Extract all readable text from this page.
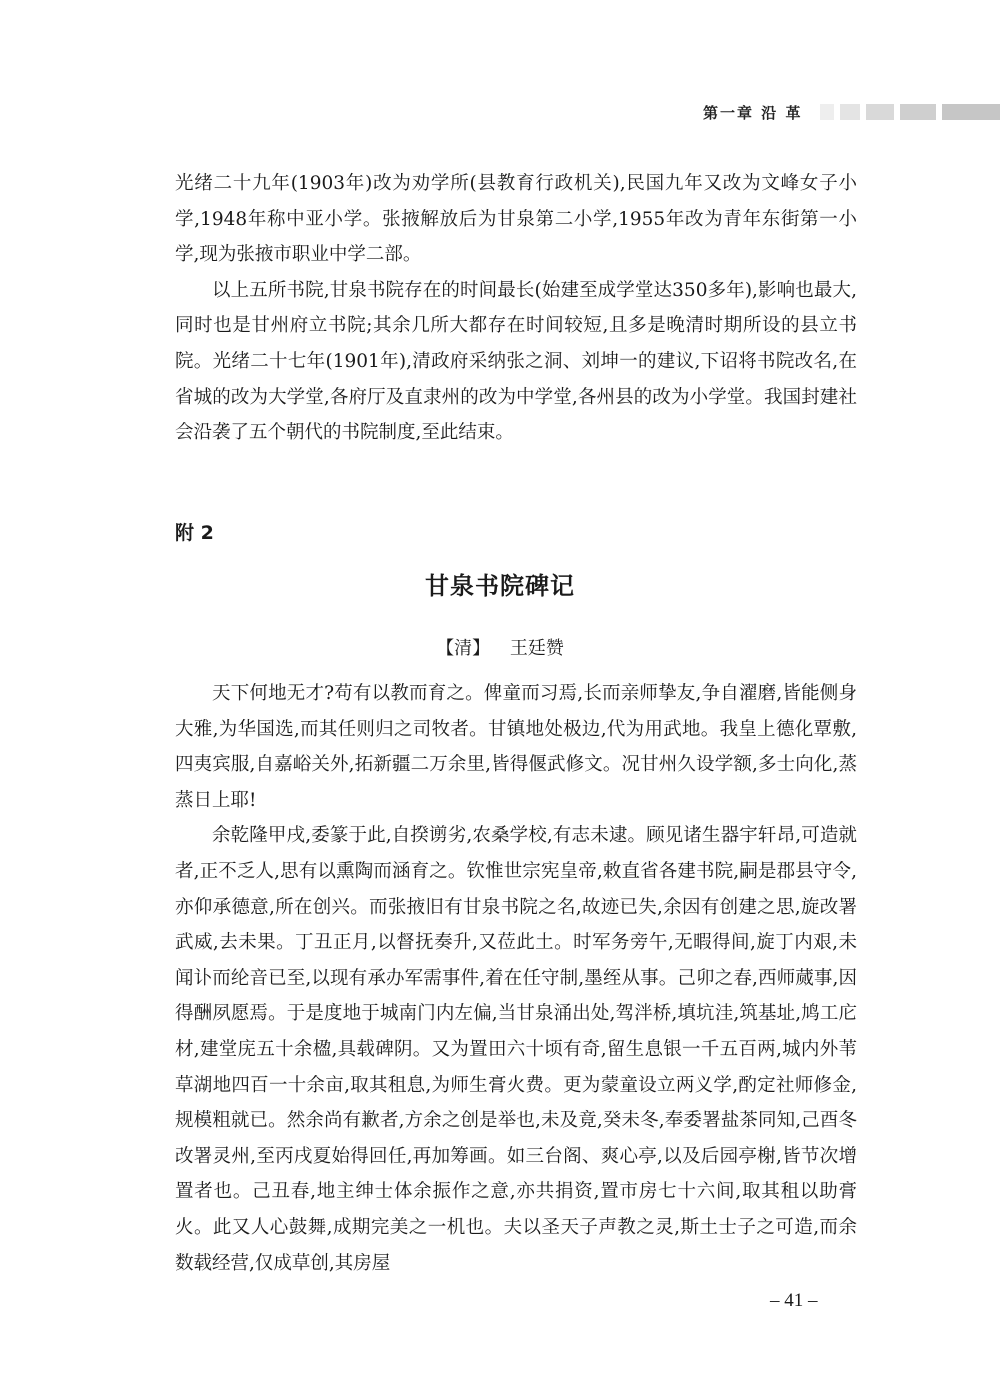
第一章 沿 革

光绪二十九年(1903年)改为劝学所(县教育行政机关),民国九年又改为文峰女子小学,1948年称中亚小学。张掖解放后为甘泉第二小学,1955年改为青年东街第一小学,现为张掖市职业中学二部。

以上五所书院,甘泉书院存在的时间最长(始建至成学堂达350多年),影响也最大,同时也是甘州府立书院;其余几所大都存在时间较短,且多是晚清时期所设的县立书院。光绪二十七年(1901年),清政府采纳张之洞、刘坤一的建议,下诏将书院改名,在省城的改为大学堂,各府厅及直隶州的改为中学堂,各州县的改为小学堂。我国封建社会沿袭了五个朝代的书院制度,至此结束。

附 2
甘泉书院碑记
【清】 王廷赞

天下何地无才?苟有以教而育之。俾童而习焉,长而亲师挚友,争自濯磨,皆能侧身大雅,为华国选,而其任则归之司牧者。甘镇地处极边,代为用武地。我皇上德化覃敷,四夷宾服,自嘉峪关外,拓新疆二万余里,皆得偃武修文。况甘州久设学额,多士向化,蒸蒸日上耶!

余乾隆甲戌,委篆于此,自揆谫劣,农桑学校,有志未逮。顾见诸生器宇轩昂,可造就者,正不乏人,思有以熏陶而涵育之。钦惟世宗宪皇帝,敕直省各建书院,嗣是郡县守令,亦仰承德意,所在创兴。而张掖旧有甘泉书院之名,故迹已失,余因有创建之思,旋改署武威,去未果。丁丑正月,以督抚奏升,又莅此土。时军务旁午,无暇得间,旋丁内艰,未闻讣而纶音已至,以现有承办军需事件,着在任守制,墨绖从事。己卯之春,西师蒇事,因得酬夙愿焉。于是度地于城南门内左偏,当甘泉涌出处,驾泮桥,填坑洼,筑基址,鸠工庀材,建堂庑五十余楹,具载碑阴。又为置田六十顷有奇,留生息银一千五百两,城内外苇草湖地四百一十余亩,取其租息,为师生膏火费。更为蒙童设立两义学,酌定社师修金,规模粗就已。然余尚有歉者,方余之创是举也,未及竟,癸未冬,奉委署盐茶同知,己酉冬改署灵州,至丙戌夏始得回任,再加筹画。如三台阁、爽心亭,以及后园亭榭,皆节次增置者也。己丑春,地主绅士体余振作之意,亦共捐资,置市房七十六间,取其租以助膏火。此又人心鼓舞,成期完美之一机也。夫以圣天子声教之灵,斯土士子之可造,而余数载经营,仅成草创,其房屋

– 41 –
